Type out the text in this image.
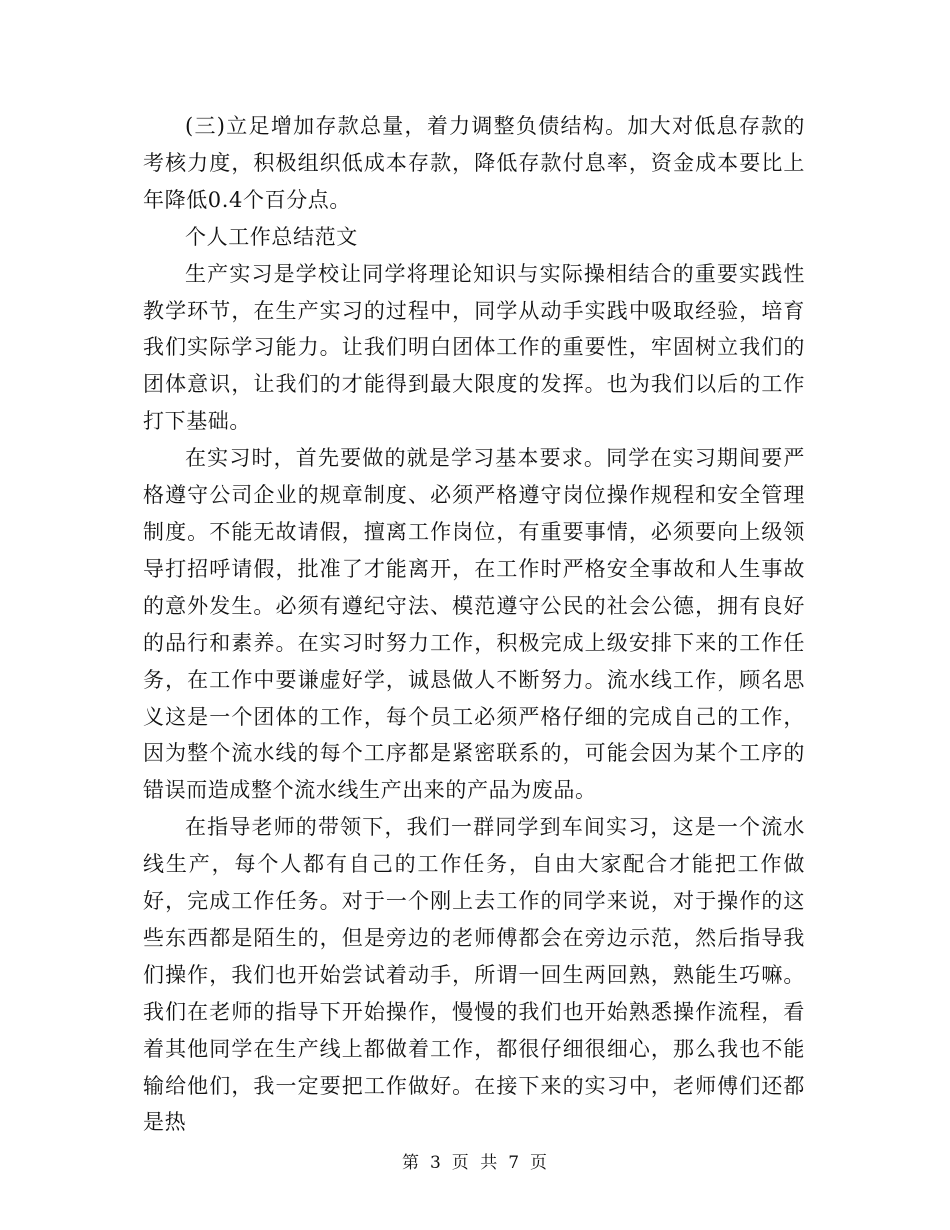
(三)立足增加存款总量，着力调整负债结构。加大对低息存款的考核力度，积极组织低成本存款，降低存款付息率，资金成本要比上年降低0.4个百分点。

个人工作总结范文

生产实习是学校让同学将理论知识与实际操相结合的重要实践性教学环节，在生产实习的过程中，同学从动手实践中吸取经验，培育我们实际学习能力。让我们明白团体工作的重要性，牢固树立我们的团体意识，让我们的才能得到最大限度的发挥。也为我们以后的工作打下基础。

在实习时，首先要做的就是学习基本要求。同学在实习期间要严格遵守公司企业的规章制度、必须严格遵守岗位操作规程和安全管理制度。不能无故请假，擅离工作岗位，有重要事情，必须要向上级领导打招呼请假，批准了才能离开，在工作时严格安全事故和人生事故的意外发生。必须有遵纪守法、模范遵守公民的社会公德，拥有良好的品行和素养。在实习时努力工作，积极完成上级安排下来的工作任务，在工作中要谦虚好学，诚恳做人不断努力。流水线工作，顾名思义这是一个团体的工作，每个员工必须严格仔细的完成自己的工作，因为整个流水线的每个工序都是紧密联系的，可能会因为某个工序的错误而造成整个流水线生产出来的产品为废品。

在指导老师的带领下，我们一群同学到车间实习，这是一个流水线生产，每个人都有自己的工作任务，自由大家配合才能把工作做好，完成工作任务。对于一个刚上去工作的同学来说，对于操作的这些东西都是陌生的，但是旁边的老师傅都会在旁边示范，然后指导我们操作，我们也开始尝试着动手，所谓一回生两回熟，熟能生巧嘛。我们在老师的指导下开始操作，慢慢的我们也开始熟悉操作流程，看着其他同学在生产线上都做着工作，都很仔细很细心，那么我也不能输给他们，我一定要把工作做好。在接下来的实习中，老师傅们还都是热

第 3 页 共 7 页
